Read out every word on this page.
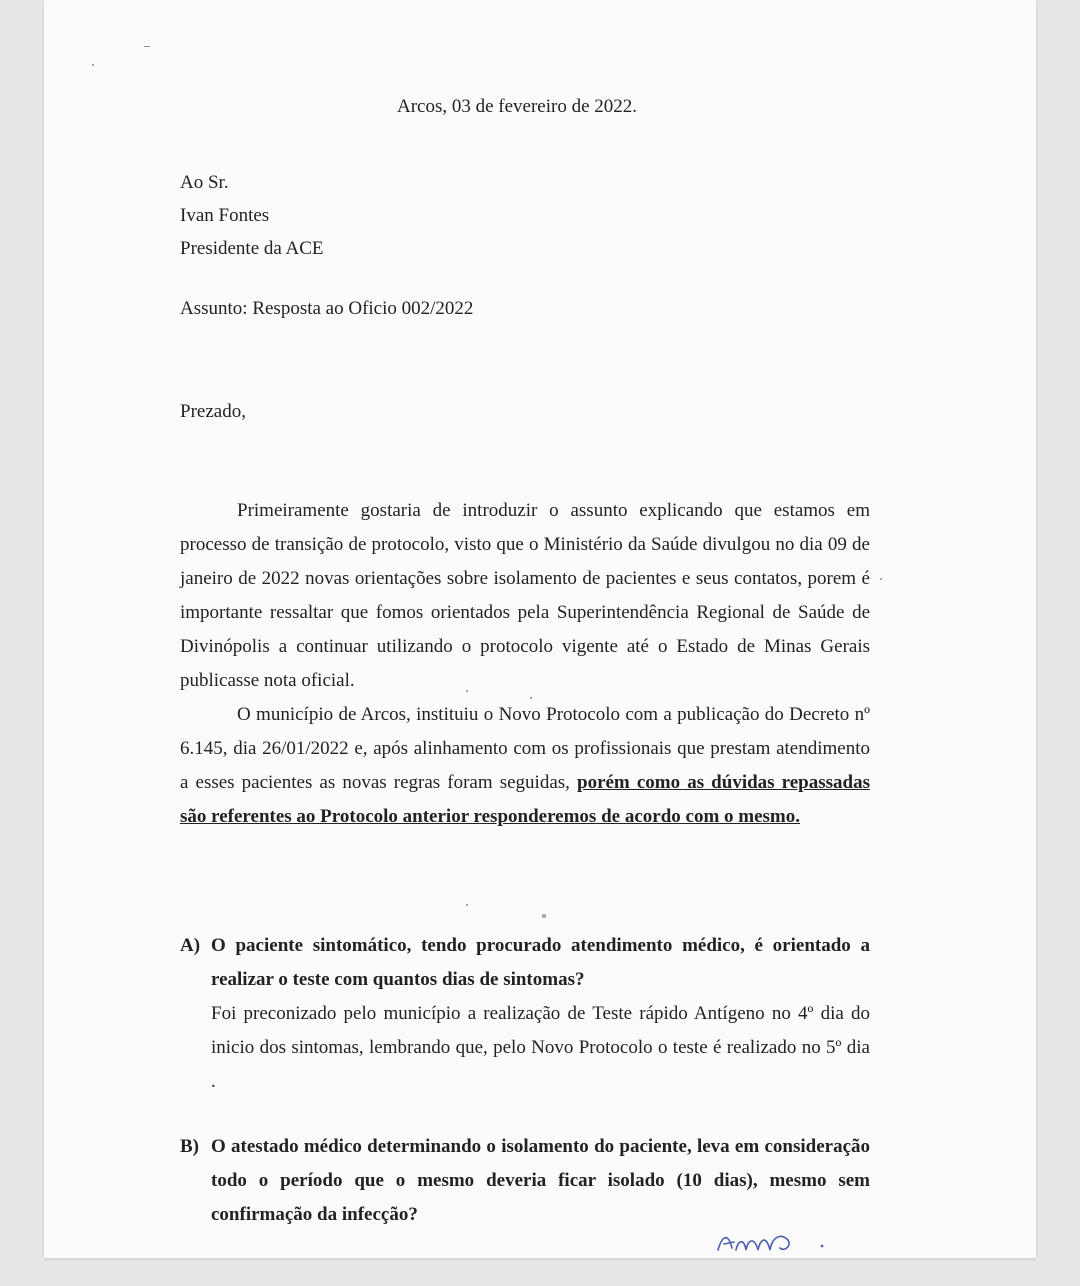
Arcos, 03 de fevereiro de 2022.
Ao Sr.
Ivan Fontes
Presidente da ACE
Assunto: Resposta ao Oficio 002/2022
Prezado,

Primeiramente gostaria de introduzir o assunto explicando que estamos em processo de transição de protocolo, visto que o Ministério da Saúde divulgou no dia 09 de janeiro de 2022 novas orientações sobre isolamento de pacientes e seus contatos, porem é importante ressaltar que fomos orientados pela Superintendência Regional de Saúde de Divinópolis a continuar utilizando o protocolo vigente até o Estado de Minas Gerais publicasse nota oficial.

O município de Arcos, instituiu o Novo Protocolo com a publicação do Decreto nº 6.145, dia 26/01/2022 e, após alinhamento com os profissionais que prestam atendimento a esses pacientes as novas regras foram seguidas, porém como as dúvidas repassadas são referentes ao Protocolo anterior responderemos de acordo com o mesmo.

A) O paciente sintomático, tendo procurado atendimento médico, é orientado a realizar o teste com quantos dias de sintomas?
Foi preconizado pelo município a realização de Teste rápido Antígeno no 4º dia do inicio dos sintomas, lembrando que, pelo Novo Protocolo o teste é realizado no 5º dia .
B) O atestado médico determinando o isolamento do paciente, leva em consideração todo o período que o mesmo deveria ficar isolado (10 dias), mesmo sem confirmação da infecção?
